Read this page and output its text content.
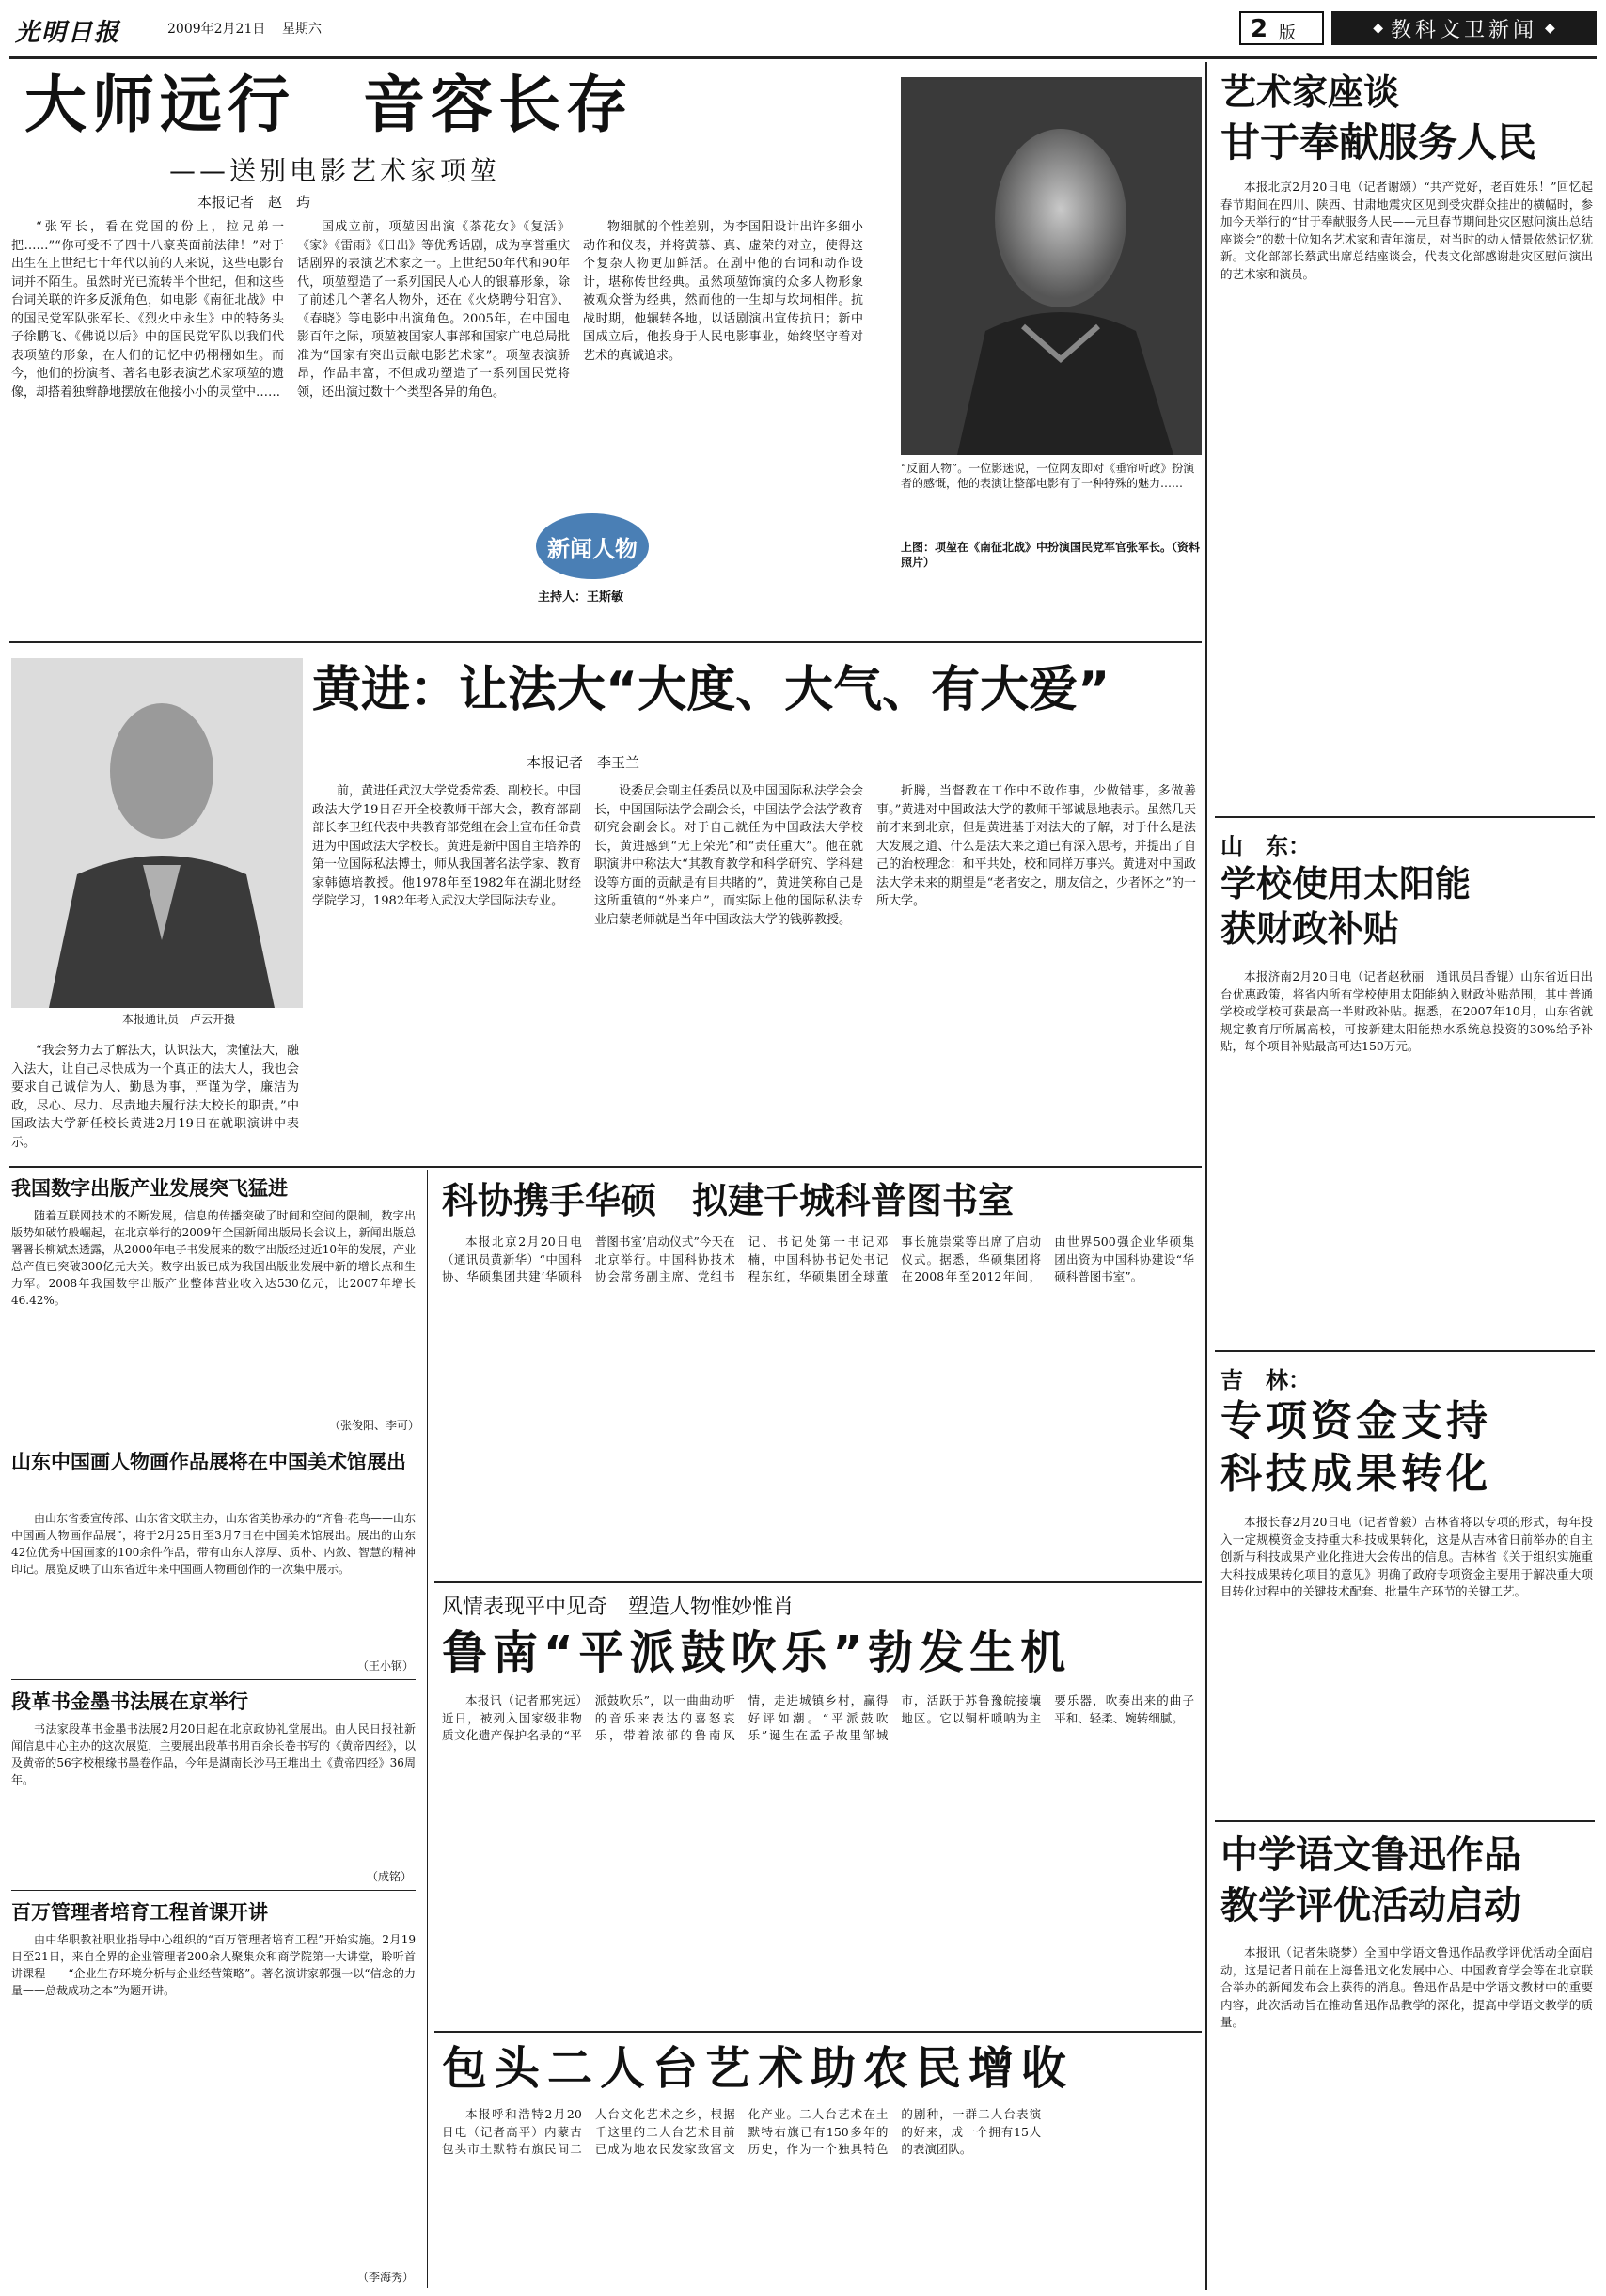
光明日报	2009年2月21日 星期六	2 版	◆ 教科文卫新闻 ◆
大师远行　音容长存
——送别电影艺术家项堃
本报记者　赵　玙
“张军长，看在党国的份上，拉兄弟一把……”“你可受不了四十八豪英面前法律！”对于出生在上世纪七十年代以前的人来说，这些电影台词并不陌生。虽然时光已流转半个世纪，但和这些台词关联的许多反派角色，如电影《南征北战》中的国民党军队张军长、《烈火中永生》中的特务头子徐鹏飞、《佛说以后》中的国民党军队以我们代表项堃的形象，在人们的记忆中仍栩栩如生。而今，他们的扮演者、著名电影表演艺术家项堃的遗像，却搭着独辫静地摆放在他接小小的灵堂中……
国成立前，项堃因出演《茶花女》《复活》《家》《雷雨》《日出》等优秀话剧，成为享誉重庆话剧界的表演艺术家之一。上世纪50年代和90年代，项堃塑造了一系列国民人心人的银幕形象，除了前述几个著名人物外，还在《火烧聘兮阳宫》、《春晓》等电影中出演角色。2005年，在中国电影百年之际，项堃被国家人事部和国家广电总局批准为“国家有突出贡献电影艺术家”。项堃表演骄昂，作品丰富，不但成功塑造了一系列国民党将领，还出演过数十个类型各异的角色。
物细腻的个性差别，为李国阳设计出许多细小动作和仪表，并将黄慕、真、虚荣的对立，使得这个复杂人物更加鲜活。在剧中他的台词和动作设计，堪称传世经典。虽然项堃饰演的众多人物形象被观众誉为经典，然而他的一生却与坎坷相伴。抗战时期，他辗转各地，以话剧演出宣传抗日；新中国成立后，他投身于人民电影事业，始终坚守着对艺术的真诚追求。
“反面人物”。一位影迷说，一位网友即对《垂帘听政》扮演者的感慨，他的表演让整部电影有了一种特殊的魅力……
上图：项堃在《南征北战》中扮演国民党军官张军长。（资料照片）
新闻人物
主持人：王斯敏
本报通讯员　卢云开摄
黄进：让法大“大度、大气、有大爱”
本报记者　李玉兰
前，黄进任武汉大学党委常委、副校长。中国政法大学19日召开全校教师干部大会，教育部副部长李卫红代表中共教育部党组在会上宣布任命黄进为中国政法大学校长。黄进是新中国自主培养的第一位国际私法博士，师从我国著名法学家、教育家韩德培教授。他1978年至1982年在湖北财经学院学习，1982年考入武汉大学国际法专业。
设委员会副主任委员以及中国国际私法学会会长，中国国际法学会副会长，中国法学会法学教育研究会副会长。对于自己就任为中国政法大学校长，黄进感到“无上荣光”和“责任重大”。他在就职演讲中称法大“其教育教学和科学研究、学科建设等方面的贡献是有目共睹的”，黄进笑称自己是这所重镇的“外来户”，而实际上他的国际私法专业启蒙老师就是当年中国政法大学的钱骅教授。
折腾，当督教在工作中不敢作事，少做错事，多做善事。”黄进对中国政法大学的教师干部诚恳地表示。虽然几天前才来到北京，但是黄进基于对法大的了解，对于什么是法大发展之道、什么是法大来之道已有深入思考，并提出了自己的治校理念：和平共处，校和同样万事兴。黄进对中国政法大学未来的期望是“老者安之，朋友信之，少者怀之”的一所大学。
“我会努力去了解法大，认识法大，读懂法大，融入法大，让自己尽快成为一个真正的法大人，我也会要求自己诚信为人、勤恳为事，严谨为学，廉洁为政，尽心、尽力、尽责地去履行法大校长的职责。”中国政法大学新任校长黄进2月19日在就职演讲中表示。
我国数字出版产业发展突飞猛进
随着互联网技术的不断发展，信息的传播突破了时间和空间的限制，数字出版势如破竹般崛起，在北京举行的2009年全国新闻出版局长会议上，新闻出版总署署长柳斌杰透露，从2000年电子书发展来的数字出版经过近10年的发展，产业总产值已突破300亿元大关。数字出版已成为我国出版业发展中新的增长点和生力军。2008年我国数字出版产业整体营业收入达530亿元，比2007年增长46.42%。
（张俊阳、李可）
山东中国画人物画作品展将在中国美术馆展出
由山东省委宣传部、山东省文联主办，山东省美协承办的“齐鲁·花鸟——山东中国画人物画作品展”，将于2月25日至3月7日在中国美术馆展出。展出的山东42位优秀中国画家的100余件作品，带有山东人淳厚、质朴、内敛、智慧的精神印记。展览反映了山东省近年来中国画人物画创作的一次集中展示。
（王小钢）
段革书金墨书法展在京举行
书法家段革书金墨书法展2月20日起在北京政协礼堂展出。由人民日报社新闻信息中心主办的这次展览，主要展出段革书用百余长卷书写的《黄帝四经》，以及黄帝的56字校根缘书墨卷作品，今年是湖南长沙马王堆出土《黄帝四经》36周年。
（成铭）
百万管理者培育工程首课开讲
由中华职教社职业指导中心组织的“百万管理者培育工程”开始实施。2月19日至21日，来自全界的企业管理者200余人聚集众和商学院第一大讲堂，聆听首讲课程——“企业生存环境分析与企业经营策略”。著名演讲家郭强一以“信念的力量——总裁成功之本”为题开讲。
（李海秀）
科协携手华硕　拟建千城科普图书室
本报北京2月20日电（通讯员黄新华）“中国科协、华硕集团共建‘华硕科普图书室’启动仪式”今天在北京举行。中国科协技术协会常务副主席、党组书记、书记处第一书记邓楠，中国科协书记处书记程东红，华硕集团全球董事长施崇棠等出席了启动仪式。据悉，华硕集团将在2008年至2012年间，由世界500强企业华硕集团出资为中国科协建设“华硕科普图书室”。
风情表现平中见奇　塑造人物惟妙惟肖
鲁南“平派鼓吹乐”勃发生机
本报讯（记者邢宪远）近日，被列入国家级非物质文化遗产保护名录的“平派鼓吹乐”，以一曲曲动听的音乐来表达的喜怒哀乐，带着浓郁的鲁南风情，走进城镇乡村，赢得好评如潮。“平派鼓吹乐”诞生在孟子故里邹城市，活跃于苏鲁豫皖接壤地区。它以铜杆唢呐为主要乐器，吹奏出来的曲子平和、轻柔、婉转细腻。
包头二人台艺术助农民增收
本报呼和浩特2月20日电（记者高平）内蒙古包头市土默特右旗民间二人台文化艺术之乡，根据千这里的二人台艺术目前已成为地农民发家致富文化产业。二人台艺术在土默特右旗已有150多年的历史，作为一个独具特色的剧种，一群二人台表演的好来，成一个拥有15人的表演团队。
艺术家座谈
甘于奉献服务人民
本报北京2月20日电（记者谢颂）“共产党好，老百姓乐！”回忆起春节期间在四川、陕西、甘肃地震灾区见到受灾群众挂出的横幅时，参加今天举行的“甘于奉献服务人民——元旦春节期间赴灾区慰问演出总结座谈会”的数十位知名艺术家和青年演员，对当时的动人情景依然记忆犹新。文化部部长蔡武出席总结座谈会，代表文化部感谢赴灾区慰问演出的艺术家和演员。
山　东：
学校使用太阳能
获财政补贴
本报济南2月20日电（记者赵秋丽　通讯员吕香锟）山东省近日出台优惠政策，将省内所有学校使用太阳能纳入财政补贴范围，其中普通学校或学校可获最高一半财政补贴。据悉，在2007年10月，山东省就规定教育厅所属高校，可按新建太阳能热水系统总投资的30%给予补贴，每个项目补贴最高可达150万元。
吉　林：
专项资金支持
科技成果转化
本报长春2月20日电（记者曾毅）吉林省将以专项的形式，每年投入一定规模资金支持重大科技成果转化，这是从吉林省日前举办的自主创新与科技成果产业化推进大会传出的信息。吉林省《关于组织实施重大科技成果转化项目的意见》明确了政府专项资金主要用于解决重大项目转化过程中的关键技术配套、批量生产环节的关键工艺。
中学语文鲁迅作品
教学评优活动启动
本报讯（记者朱晓梦）全国中学语文鲁迅作品教学评优活动全面启动，这是记者日前在上海鲁迅文化发展中心、中国教育学会等在北京联合举办的新闻发布会上获得的消息。鲁迅作品是中学语文教材中的重要内容，此次活动旨在推动鲁迅作品教学的深化，提高中学语文教学的质量。
